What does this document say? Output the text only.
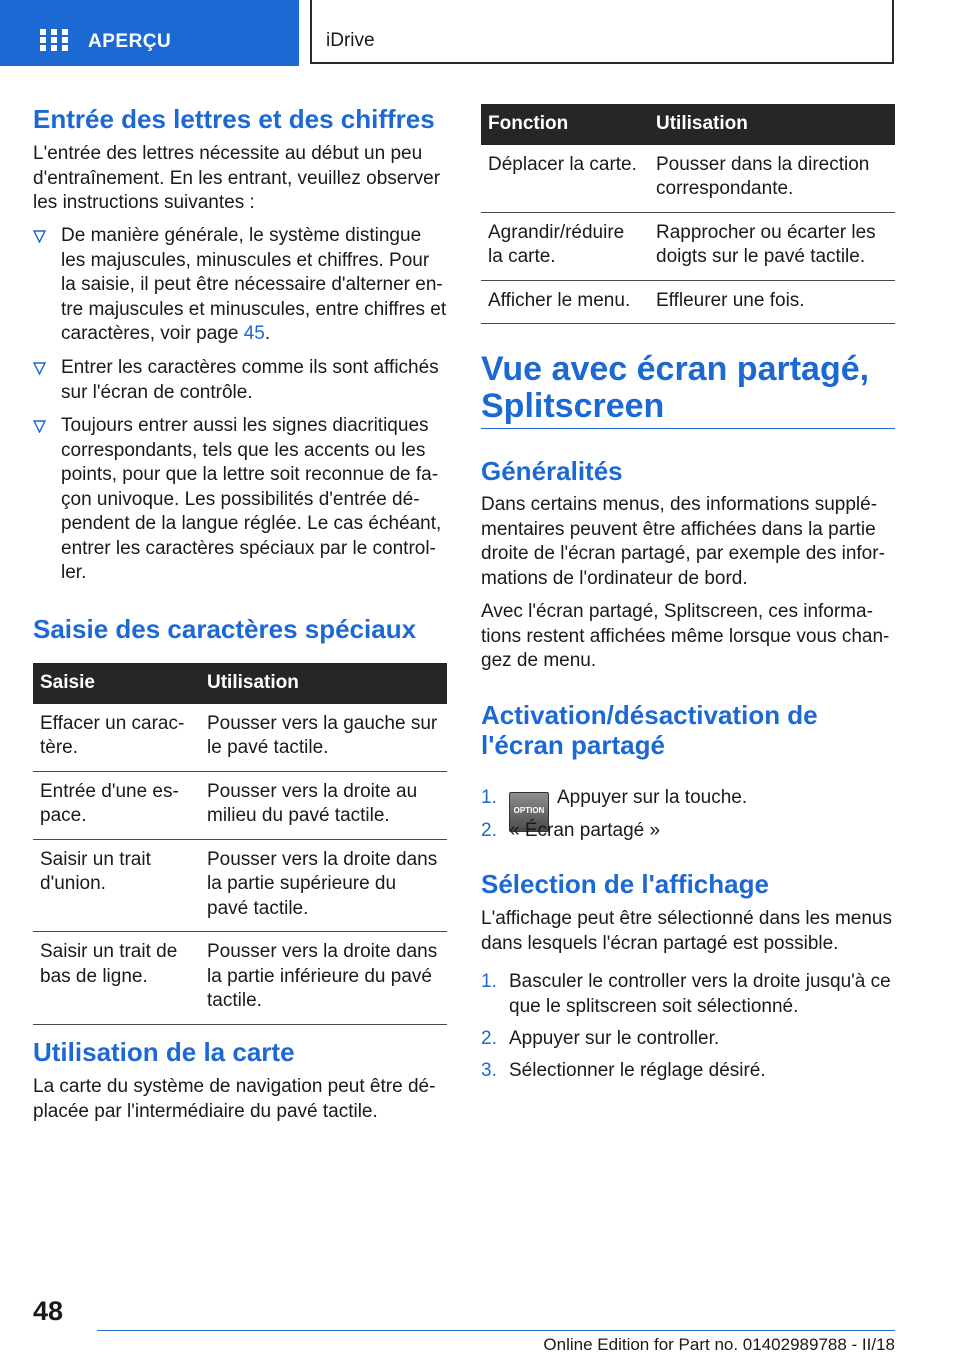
APERÇU	iDrive
Entrée des lettres et des chiffres

L'entrée des lettres nécessite au début un peu d'entraînement. En les entrant, veuillez observer les instructions suivantes :

De manière générale, le système distingue les majuscules, minuscules et chiffres. Pour la saisie, il peut être nécessaire d'alterner en-tre majuscules et minuscules, entre chiffres et caractères, voir page 45.
Entrer les caractères comme ils sont affichés sur l'écran de contrôle.
Toujours entrer aussi les signes diacritiques correspondants, tels que les accents ou les points, pour que la lettre soit reconnue de fa-çon univoque. Les possibilités d'entrée dé-pendent de la langue réglée. Le cas échéant, entrer les caractères spéciaux par le control-ler.
Saisie des caractères spéciaux
Saisie	Utilisation
Effacer un carac-tère.	Pousser vers la gauche sur le pavé tactile.
Entrée d'une es-pace.	Pousser vers la droite au milieu du pavé tactile.
Saisir un trait d'union.	Pousser vers la droite dans la partie supérieure du pavé tactile.
Saisir un trait de bas de ligne.	Pousser vers la droite dans la partie inférieure du pavé tactile.
Utilisation de la carte

La carte du système de navigation peut être dé-placée par l'intermédiaire du pavé tactile.

Fonction	Utilisation
Déplacer la carte.	Pousser dans la direction correspondante.
Agrandir/réduire la carte.	Rapprocher ou écarter les doigts sur le pavé tactile.
Afficher le menu.	Effleurer une fois.
Vue avec écran partagé, Splitscreen
Généralités

Dans certains menus, des informations supplé-mentaires peuvent être affichées dans la partie droite de l'écran partagé, par exemple des infor-mations de l'ordinateur de bord.

Avec l'écran partagé, Splitscreen, ces informa-tions restent affichées même lorsque vous chan-gez de menu.

Activation/désactivation de l'écran partagé
1.
OPTIONAppuyer sur la touche.
2. « Écran partagé »
Sélection de l'affichage

L'affichage peut être sélectionné dans les menus dans lesquels l'écran partagé est possible.

1. Basculer le controller vers la droite jusqu'à ce que le splitscreen soit sélectionné.
2. Appuyer sur le controller.
3. Sélectionner le réglage désiré.
48
Online Edition for Part no. 01402989788 - II/18
